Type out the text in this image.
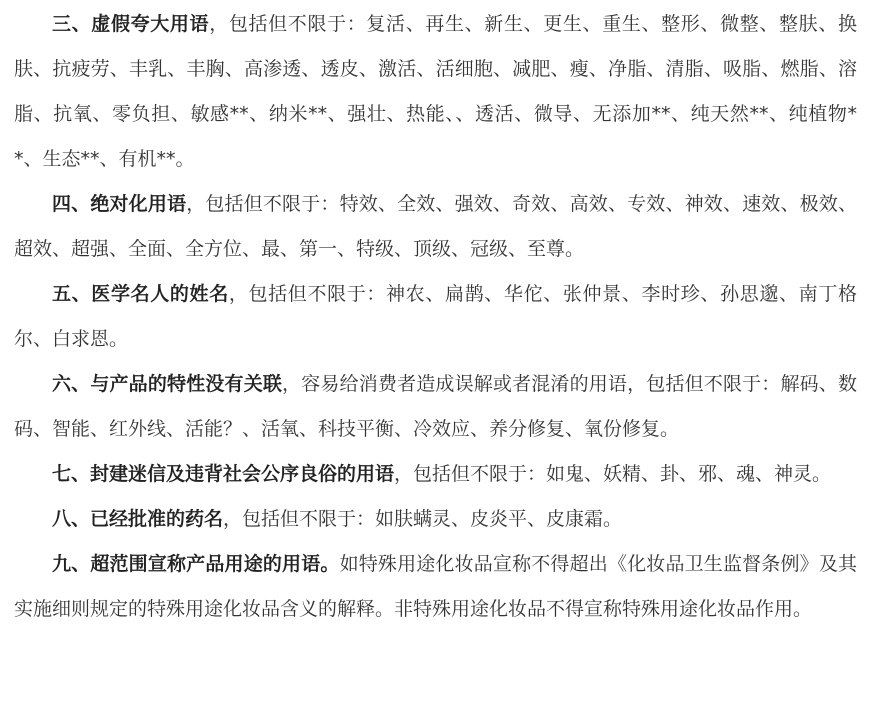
三、虚假夸大用语，包括但不限于：复活、再生、新生、更生、重生、整形、微整、整肤、换肤、抗疲劳、丰乳、丰胸、高渗透、透皮、激活、活细胞、减肥、瘦、净脂、清脂、吸脂、燃脂、溶脂、抗氧、零负担、敏感**、纳米**、强壮、热能、、透活、微导、无添加**、纯天然**、纯植物**、生态**、有机**。

四、绝对化用语，包括但不限于：特效、全效、强效、奇效、高效、专效、神效、速效、极效、超效、超强、全面、全方位、最、第一、特级、顶级、冠级、至尊。

五、医学名人的姓名，包括但不限于：神农、扁鹊、华佗、张仲景、李时珍、孙思邈、南丁格尔、白求恩。

六、与产品的特性没有关联，容易给消费者造成误解或者混淆的用语，包括但不限于：解码、数码、智能、红外线、活能？、活氧、科技平衡、冷效应、养分修复、氧份修复。

七、封建迷信及违背社会公序良俗的用语，包括但不限于：如鬼、妖精、卦、邪、魂、神灵。

八、已经批准的药名，包括但不限于：如肤螨灵、皮炎平、皮康霜。

九、超范围宣称产品用途的用语。如特殊用途化妆品宣称不得超出《化妆品卫生监督条例》及其实施细则规定的特殊用途化妆品含义的解释。非特殊用途化妆品不得宣称特殊用途化妆品作用。
